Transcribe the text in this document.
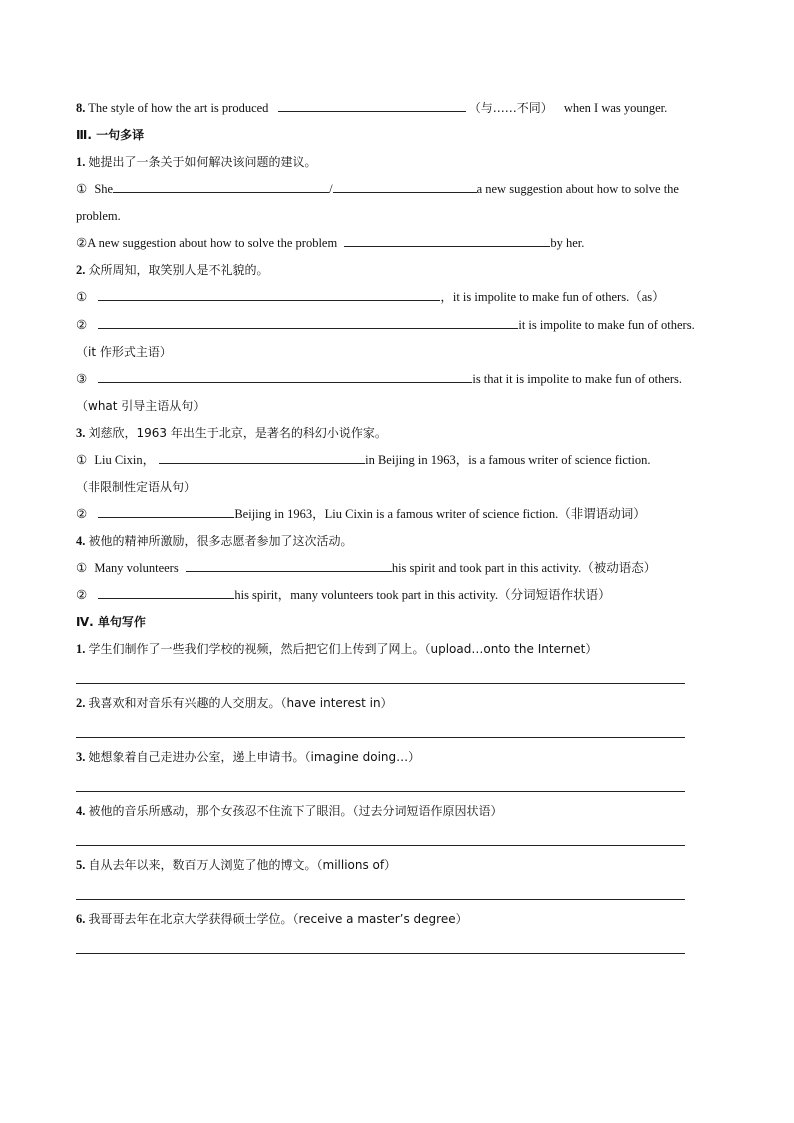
8. The style of how the art is produced	（与……不同） when I was younger.
Ⅲ. 一句多译
1. 她提出了一条关于如何解决该问题的建议。
① She	/	a new suggestion about how to solve the
problem.
②A new suggestion about how to solve the problem	by her.
2. 众所周知，取笑别人是不礼貌的。
①	，it is impolite to make fun of others.（as）
②	it is impolite to make fun of others.
（it 作形式主语）
③	is that it is impolite to make fun of others.
（what 引导主语从句）
3. 刘慈欣，1963 年出生于北京，是著名的科幻小说作家。
① Liu Cixin，	in Beijing in 1963，is a famous writer of science fiction.
（非限制性定语从句）
②	Beijing in 1963，Liu Cixin is a famous writer of science fiction.（非谓语动词）
4. 被他的精神所激励，很多志愿者参加了这次活动。
① Many volunteers	his spirit and took part in this activity.（被动语态）
②	his spirit，many volunteers took part in this activity.（分词短语作状语）
Ⅳ. 单句写作
1. 学生们制作了一些我们学校的视频，然后把它们上传到了网上。（upload…onto the Internet）
2. 我喜欢和对音乐有兴趣的人交朋友。（have interest in）
3. 她想象着自己走进办公室，递上申请书。（imagine doing…）
4. 被他的音乐所感动，那个女孩忍不住流下了眼泪。（过去分词短语作原因状语）
5. 自从去年以来，数百万人浏览了他的博文。（millions of）
6. 我哥哥去年在北京大学获得硕士学位。（receive a master’s degree）
